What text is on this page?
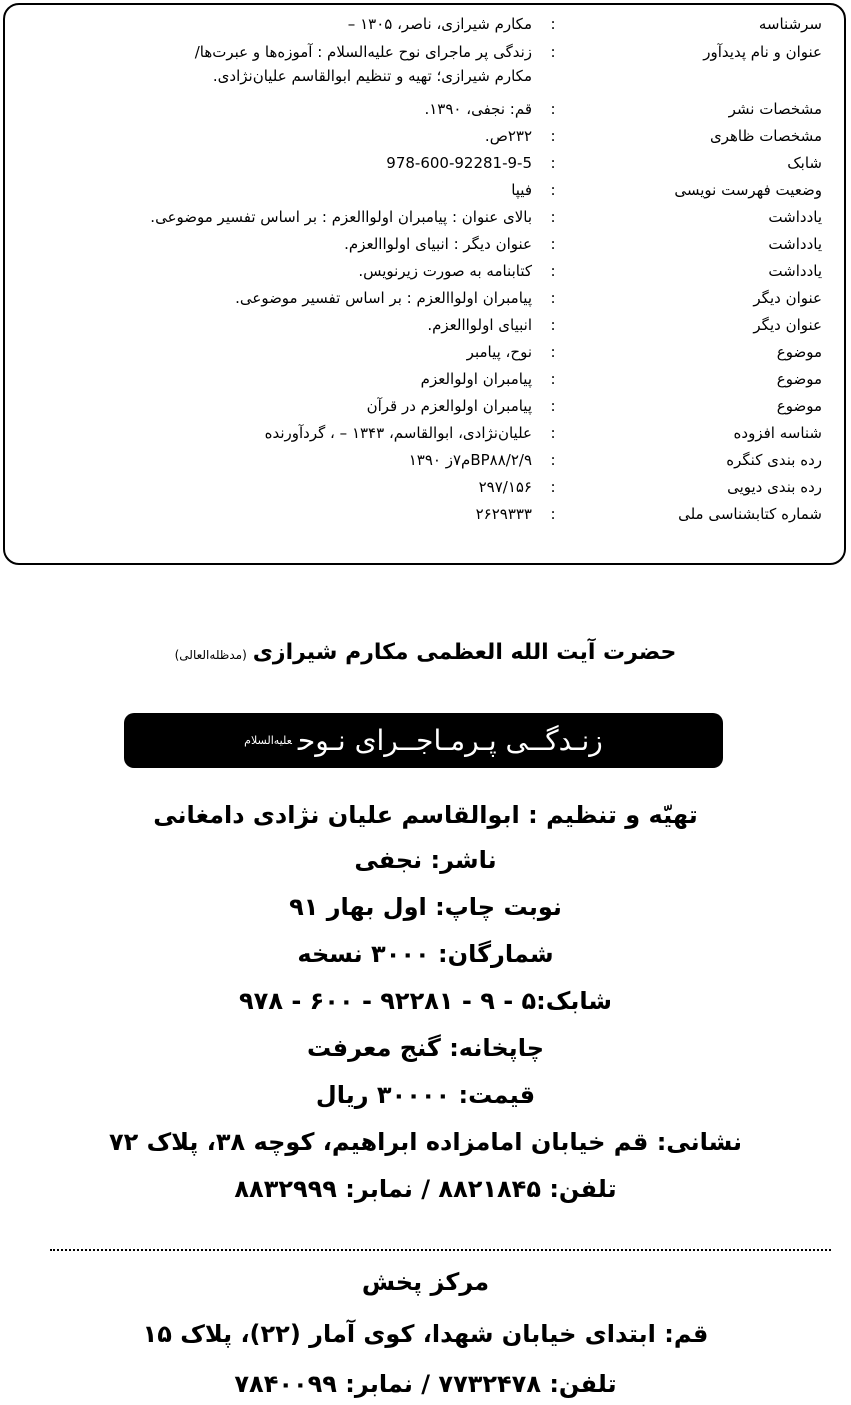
سرشناسه
:
مکارم شیرازی، ناصر، ۱۳۰۵ –
عنوان و نام پدیدآور
:
زندگی پر ماجرای نوح علیه‌السلام : آموزه‌ها و عبرت‌ها/
مکارم شیرازی؛ تهیه و تنظیم ابوالقاسم علیان‌نژادی.
مشخصات نشر
:
قم: نجفی، ۱۳۹۰.
مشخصات ظاهری
:
۲۳۲ص.
شابک
:
978-600-92281-9-5
وضعیت فهرست نویسی
:
فیپا
یادداشت
:
بالای عنوان : پیامبران اولواالعزم : بر اساس تفسیر موضوعی.
یادداشت
:
عنوان دیگر : انبیای اولواالعزم.
یادداشت
:
کتابنامه به صورت زیرنویس.
عنوان دیگر
:
پیامبران اولواالعزم : بر اساس تفسیر موضوعی.
عنوان دیگر
:
انبیای اولواالعزم.
موضوع
:
نوح، پیامبر
موضوع
:
پیامبران اولوالعزم
موضوع
:
پیامبران اولوالعزم در قرآن
شناسه افزوده
:
علیان‌نژادی، ابوالقاسم، ۱۳۴۳ – ، گردآورنده
رده بندی کنگره
:
BP۸۸/۲/۹م۷ز ۱۳۹۰
رده بندی دیویی
:
۲۹۷/۱۵۶
شماره کتابشناسی ملی
:
۲۶۲۹۳۳۳
حضرت آیت الله العظمی مکارم شیرازی(مدظله‌العالی)
زنـدگــی پـرمـاجــرای نـوح$^{علیه‌السلام}$
تهیّه و تنظیم : ابوالقاسم علیان نژادی دامغانی
ناشر: نجفی
نوبت چاپ: اول بهار ۹۱
شمارگان: ۳۰۰۰ نسخه
شابک:۵ - ۹ - ۹۲۲۸۱ - ۶۰۰ - ۹۷۸
چاپخانه: گنج معرفت
قیمت: ۳۰۰۰۰ ریال
نشانی: قم خیابان امامزاده ابراهیم، کوچه ۳۸، پلاک ۷۲
تلفن: ۸۸۲۱۸۴۵ / نمابر: ۸۸۳۲۹۹۹
مرکز پخش
قم: ابتدای خیابان شهدا، کوی آمار (۲۲)، پلاک ۱۵
تلفن: ۷۷۳۲۴۷۸ / نمابر: ۷۸۴۰۰۹۹
